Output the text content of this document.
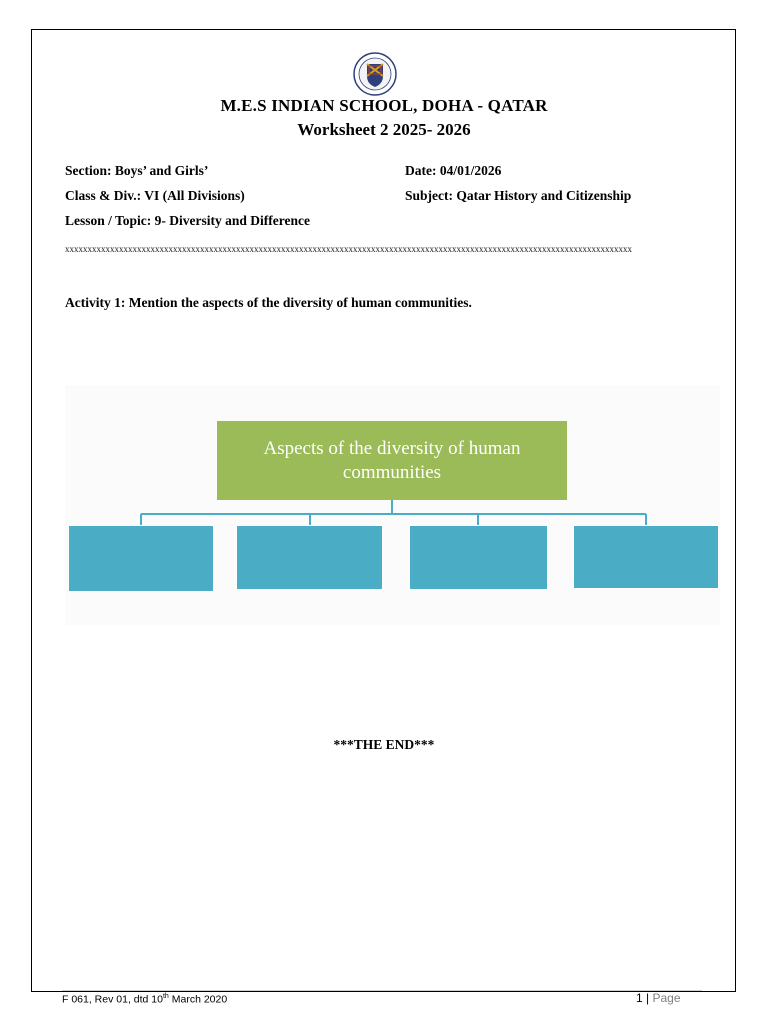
M.E.S INDIAN SCHOOL, DOHA - QATAR
Worksheet 2 2025- 2026
Section: Boys’ and Girls’	Date: 04/01/2026
Class & Div.: VI (All Divisions)	Subject: Qatar History and Citizenship
Lesson / Topic: 9- Diversity and Difference
xxxxxxxxxxxxxxxxxxxxxxxxxxxxxxxxxxxxxxxxxxxxxxxxxxxxxxxxxxxxxxxxxxxxxxxxxxxxxxxxxxxxxxxxxxxxxxxxxxxxxxxxxxxxxxxxxxxxxxxxxxxxxx
Activity 1: Mention the aspects of the diversity of human communities.
Aspects of the diversity of human communities
***THE END***
F 061, Rev 01, dtd 10th March 2020	1 | Page
